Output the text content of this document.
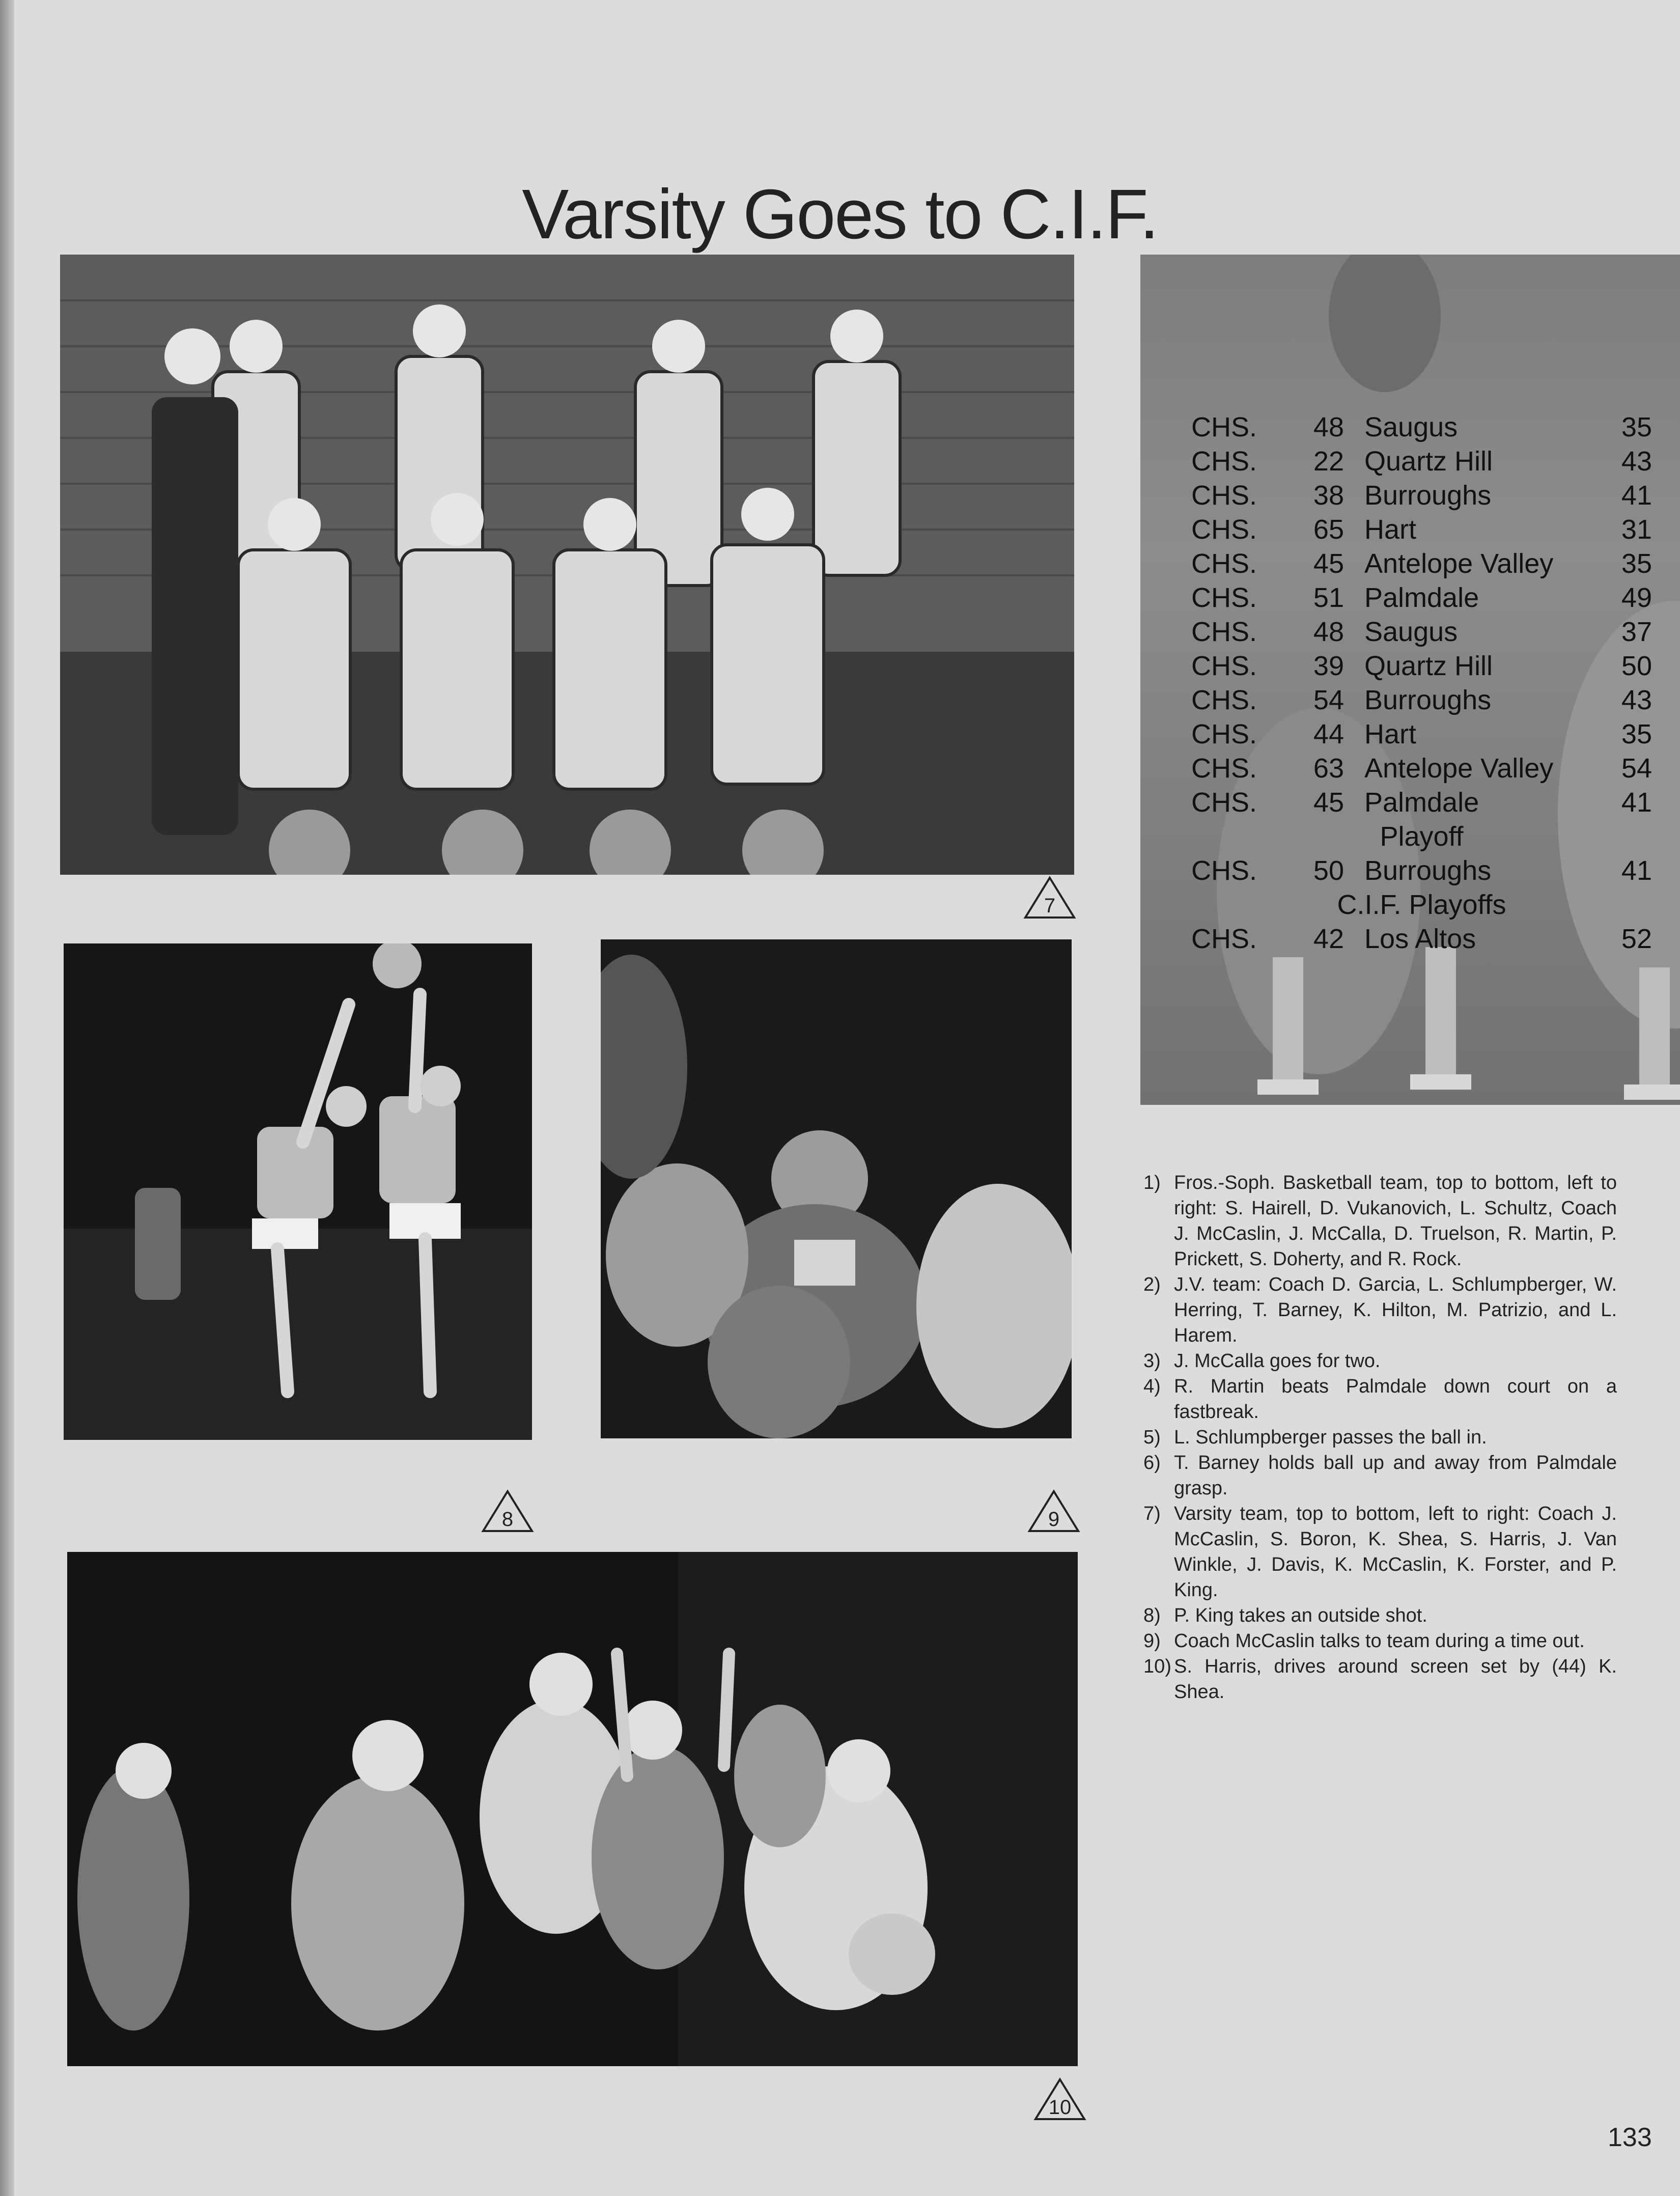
Varsity Goes to C.I.F.
7
8	9
10
CHS.	48	Saugus	35
CHS.	22	Quartz Hill	43
CHS.	38	Burroughs	41
CHS.	65	Hart	31
CHS.	45	Antelope Valley	35
CHS.	51	Palmdale	49
CHS.	48	Saugus	37
CHS.	39	Quartz Hill	50
CHS.	54	Burroughs	43
CHS.	44	Hart	35
CHS.	63	Antelope Valley	54
CHS.	45	Palmdale	41
Playoff			
CHS.	50	Burroughs	41
C.I.F. Playoffs			
CHS.	42	Los Altos	52
1) Fros.-Soph. Basketball team, top to bottom, left to right: S. Hairell, D. Vukanovich, L. Schultz, Coach J. McCaslin, J. McCalla, D. Truelson, R. Martin, P. Prickett, S. Doherty, and R. Rock.
2) J.V. team: Coach D. Garcia, L. Schlumpberger, W. Herring, T. Barney, K. Hilton, M. Patrizio, and L. Harem.
3) J. McCalla goes for two.
4) R. Martin beats Palmdale down court on a fastbreak.
5) L. Schlumpberger passes the ball in.
6) T. Barney holds ball up and away from Palmdale grasp.
7) Varsity team, top to bottom, left to right: Coach J. McCaslin, S. Boron, K. Shea, S. Harris, J. Van Winkle, J. Davis, K. McCaslin, K. Forster, and P. King.
8) P. King takes an outside shot.
9) Coach McCaslin talks to team during a time out.
10) S. Harris, drives around screen set by (44) K. Shea.
133
